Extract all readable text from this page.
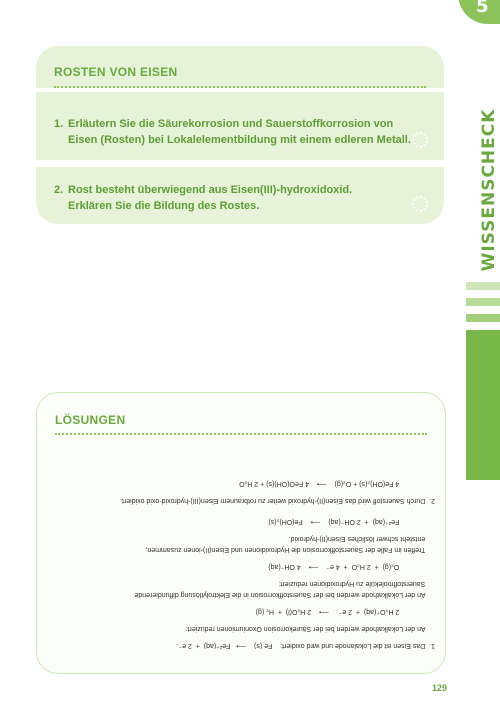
5
WISSENSCHECK
ROSTEN VON EISEN

1. Erläutern Sie die Säurekorrosion und Sauerstoffkorrosion von

Eisen (Rosten) bei Lokalelementbildung mit einem edleren Metall.

2. Rost besteht überwiegend aus Eisen(III)-hydroxidoxid.

Erklären Sie die Bildung des Rostes.

LÖSUNGEN
1.  Das Eisen ist die Lokalanode und wird oxidiert:    Fe (s)    ⟶   Fe²⁺(aq)  +  2 e⁻.
An der Lokalkathode werden bei der Säurekorrosion Oxoniumionen reduziert:
2 H₃O⁺(aq)  +  2 e⁻     ⟶    2 H₂O(l)  +  H₂ (g)
An der Lokalkathode werden bei der Sauerstoffkorrosion in die Elektrolytlösung diffundierende
Sauerstoffmoleküle zu Hydroxidionen reduziert:
O₂(g)  +  2 H₂O  +  4 e⁻    ⟶    4 OH⁻(aq)
Treffen im Falle der Sauerstoffkorrosion die Hydroxidionen und Eisen(II)-ionen zusammen,
entsteht schwer lösliches Eisen(II)-hydroxid.
Fe²⁺(aq)  +  2 OH⁻(aq)    ⟶    Fe(OH)₂(s)
2.  Durch Sauerstoff wird das Eisen(II)-hydroxid weiter zu rotbraunem Eisen(III)-hydroxid-oxid oxidiert.
4 Fe(OH)₂(s) + O₂(g)    ⟶    4 FeO(OH)(s) + 2 H₂O
129
